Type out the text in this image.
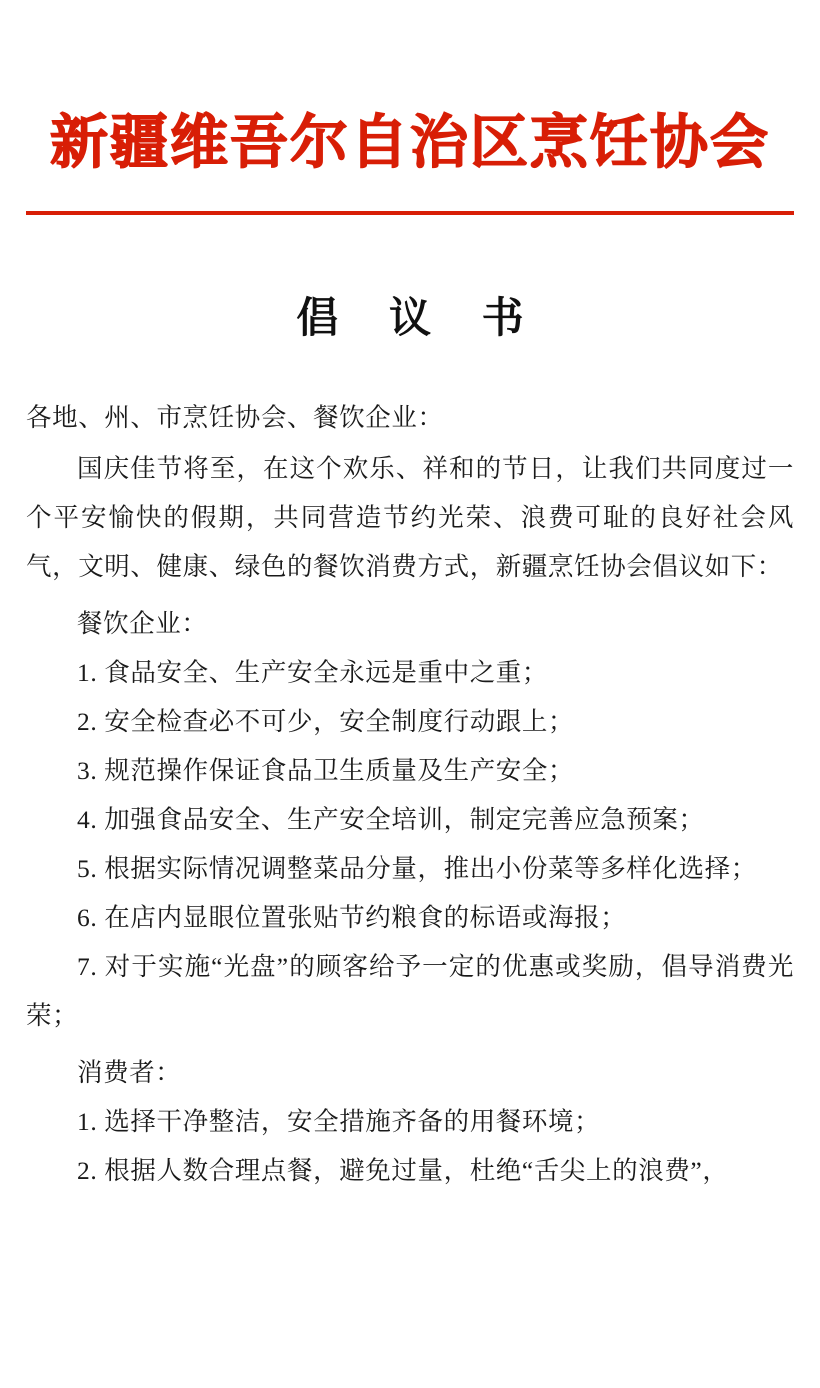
新疆维吾尔自治区烹饪协会
倡 议 书

各地、州、市烹饪协会、餐饮企业：

国庆佳节将至，在这个欢乐、祥和的节日，让我们共同度过一个平安愉快的假期，共同营造节约光荣、浪费可耻的良好社会风气，文明、健康、绿色的餐饮消费方式，新疆烹饪协会倡议如下：

餐饮企业：

1. 食品安全、生产安全永远是重中之重；

2. 安全检查必不可少，安全制度行动跟上；

3. 规范操作保证食品卫生质量及生产安全；

4. 加强食品安全、生产安全培训，制定完善应急预案；

5. 根据实际情况调整菜品分量，推出小份菜等多样化选择；

6. 在店内显眼位置张贴节约粮食的标语或海报；

7. 对于实施“光盘”的顾客给予一定的优惠或奖励，倡导消费光荣；

消费者：

1. 选择干净整洁，安全措施齐备的用餐环境；

2. 根据人数合理点餐，避免过量，杜绝“舌尖上的浪费”，
